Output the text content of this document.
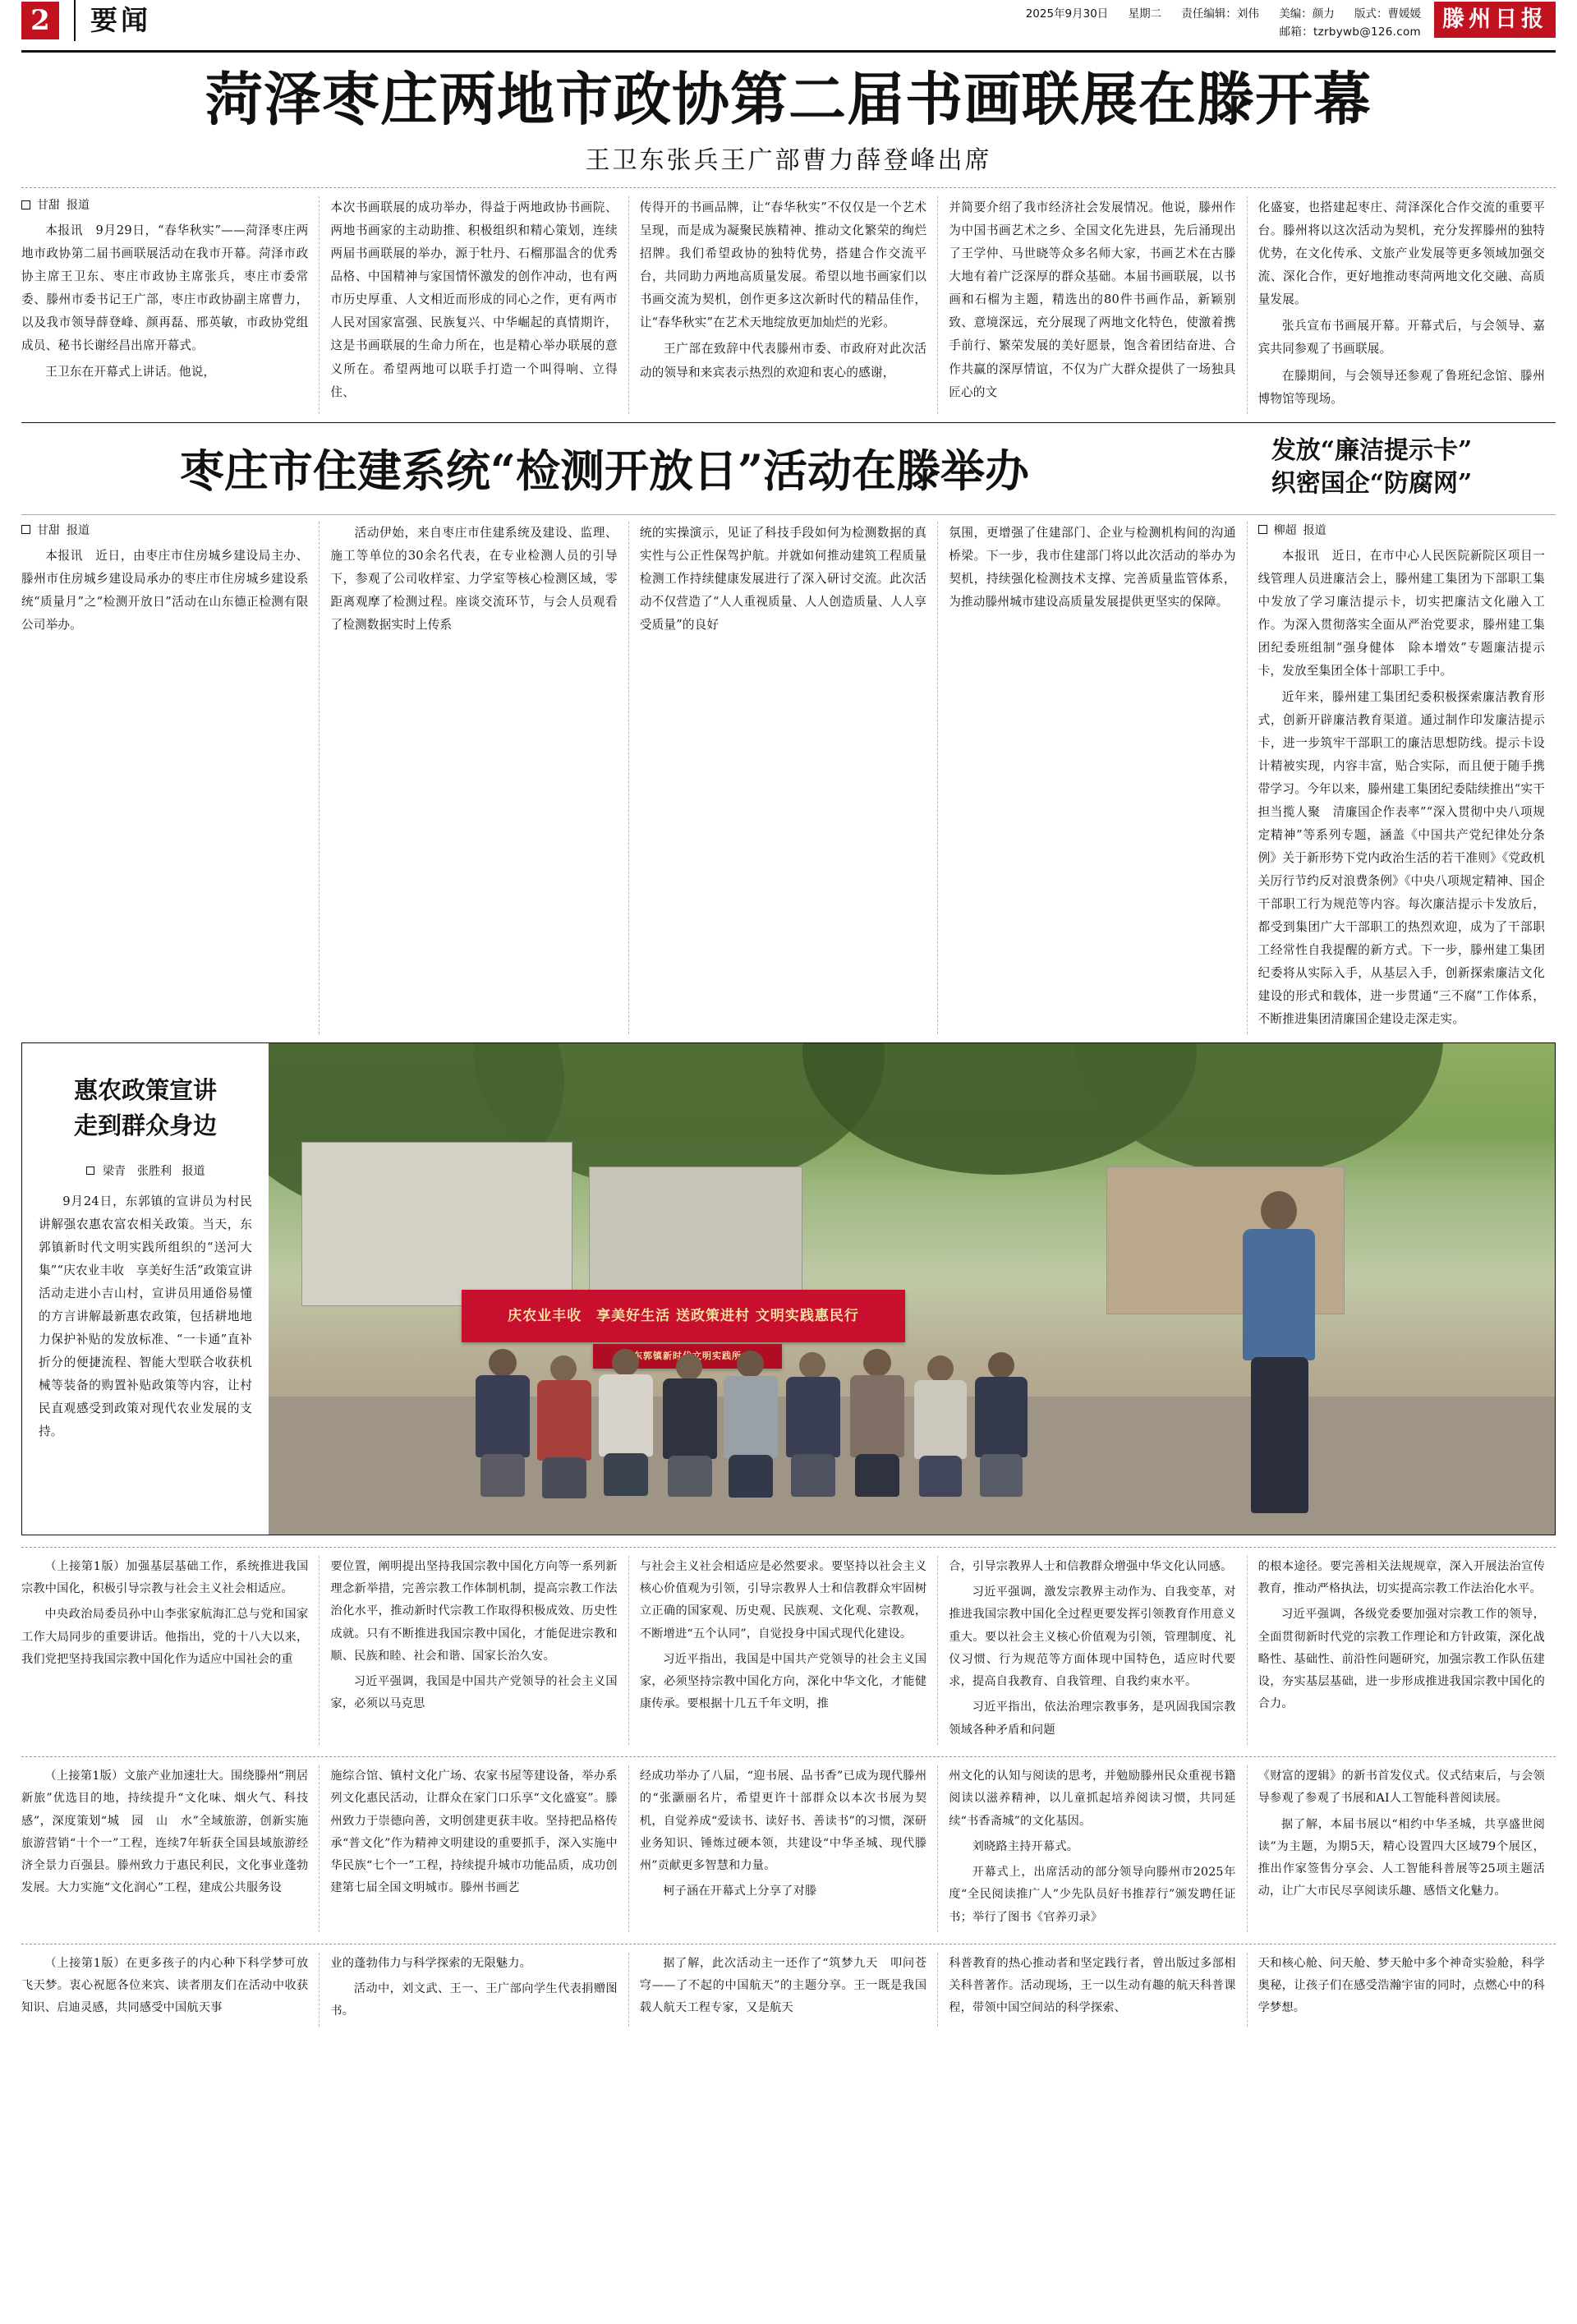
2	要闻	2025年9月30日 星期二 责任编辑：刘伟 美编：颜力 版式：曹媛媛
邮箱：tzrbywb@126.com 滕州日报
菏泽枣庄两地市政协第二届书画联展在滕开幕
王卫东张兵王广部曹力薛登峰出席
甘甜 报道

本报讯　9月29日，“春华秋实”——菏泽枣庄两地市政协第二届书画联展活动在我市开幕。菏泽市政协主席王卫东、枣庄市政协主席张兵，枣庄市委常委、滕州市委书记王广部，枣庄市政协副主席曹力，以及我市领导薛登峰、颜再磊、邢英敏，市政协党组成员、秘书长谢经昌出席开幕式。

王卫东在开幕式上讲话。他说，

本次书画联展的成功举办，得益于两地政协书画院、两地书画家的主动助推、积极组织和精心策划，连续两届书画联展的举办，源于牡丹、石榴那温含的优秀品格、中国精神与家国情怀激发的创作冲动，也有两市历史厚重、人文相近而形成的同心之作，更有两市人民对国家富强、民族复兴、中华崛起的真情期许，这是书画联展的生命力所在，也是精心举办联展的意义所在。希望两地可以联手打造一个叫得响、立得住、

传得开的书画品牌，让“春华秋实”不仅仅是一个艺术呈现，而是成为凝聚民族精神、推动文化繁荣的绚烂招牌。我们希望政协的独特优势，搭建合作交流平台，共同助力两地高质量发展。希望以地书画家们以书画交流为契机，创作更多这次新时代的精品佳作，让“春华秋实”在艺术天地绽放更加灿烂的光彩。

王广部在致辞中代表滕州市委、市政府对此次活动的领导和来宾表示热烈的欢迎和衷心的感谢，

并简要介绍了我市经济社会发展情况。他说，滕州作为中国书画艺术之乡、全国文化先进县，先后涌现出了王学仲、马世晓等众多名师大家，书画艺术在古滕大地有着广泛深厚的群众基础。本届书画联展，以书画和石榴为主题，精选出的80件书画作品，新颖别致、意境深远，充分展现了两地文化特色，使激着携手前行、繁荣发展的美好愿景，饱含着团结奋进、合作共赢的深厚情谊，不仅为广大群众提供了一场独具匠心的文

化盛宴，也搭建起枣庄、菏泽深化合作交流的重要平台。滕州将以这次活动为契机，充分发挥滕州的独特优势，在文化传承、文旅产业发展等更多领域加强交流、深化合作，更好地推动枣菏两地文化交融、高质量发展。

张兵宣布书画展开幕。开幕式后，与会领导、嘉宾共同参观了书画联展。

在滕期间，与会领导还参观了鲁班纪念馆、滕州博物馆等现场。

枣庄市住建系统“检测开放日”活动在滕举办	发放“廉洁提示卡”
织密国企“防腐网”
甘甜 报道

本报讯　近日，由枣庄市住房城乡建设局主办、滕州市住房城乡建设局承办的枣庄市住房城乡建设系统“质量月”之“检测开放日”活动在山东德正检测有限公司举办。

活动伊始，来自枣庄市住建系统及建设、监理、施工等单位的30余名代表，在专业检测人员的引导下，参观了公司收样室、力学室等核心检测区域，零距离观摩了检测过程。座谈交流环节，与会人员观看了检测数据实时上传系

统的实操演示，见证了科技手段如何为检测数据的真实性与公正性保驾护航。并就如何推动建筑工程质量检测工作持续健康发展进行了深入研讨交流。此次活动不仅营造了“人人重视质量、人人创造质量、人人享受质量”的良好

氛围，更增强了住建部门、企业与检测机构间的沟通桥梁。下一步，我市住建部门将以此次活动的举办为契机，持续强化检测技术支撑、完善质量监管体系，为推动滕州城市建设高质量发展提供更坚实的保障。

柳超 报道

本报讯　近日，在市中心人民医院新院区项目一线管理人员进廉洁会上，滕州建工集团为下部职工集中发放了学习廉洁提示卡，切实把廉洁文化融入工作。为深入贯彻落实全面从严治党要求，滕州建工集团纪委班组制“强身健体　除本增效”专题廉洁提示卡，发放至集团全体十部职工手中。

近年来，滕州建工集团纪委积极探索廉洁教育形式，创新开辟廉洁教育渠道。通过制作印发廉洁提示卡，进一步筑牢干部职工的廉洁思想防线。提示卡设计精被实现，内容丰富，贴合实际，而且便于随手携带学习。今年以来，滕州建工集团纪委陆续推出“实干担当揽人聚　清廉国企作表率”“深入贯彻中央八项规定精神”等系列专题，涵盖《中国共产党纪律处分条例》关于新形势下党内政治生活的若干准则》《党政机关厉行节约反对浪费条例》《中央八项规定精神、国企干部职工行为规范等内容。每次廉洁提示卡发放后，都受到集团广大干部职工的热烈欢迎，成为了干部职工经常性自我提醒的新方式。下一步，滕州建工集团纪委将从实际入手，从基层入手，创新探索廉洁文化建设的形式和载体，进一步贯通“三不腐”工作体系，不断推进集团清廉国企建设走深走实。

惠农政策宣讲
走到群众身边
梁青　张胜利 报道

9月24日，东郭镇的宣讲员为村民讲解强农惠农富农相关政策。当天，东郭镇新时代文明实践所组织的“送河大集”“庆农业丰收　享美好生活”政策宣讲活动走进小吉山村，宣讲员用通俗易懂的方言讲解最新惠农政策，包括耕地地力保护补贴的发放标准、“一卡通”直补折分的便捷流程、智能大型联合收获机械等装备的购置补贴政策等内容，让村民直观感受到政策对现代农业发展的支持。

庆农业丰收　享美好生活 送政策进村 文明实践惠民行

（上接第1版）加强基层基础工作，系统推进我国宗教中国化，积极引导宗教与社会主义社会相适应。

中央政治局委员孙中山李张家航海汇总与党和国家工作大局同步的重要讲话。他指出，党的十八大以来，我们党把坚持我国宗教中国化作为适应中国社会的重

要位置，阐明提出坚持我国宗教中国化方向等一系列新理念新举措，完善宗教工作体制机制，提高宗教工作法治化水平，推动新时代宗教工作取得积极成效、历史性成就。只有不断推进我国宗教中国化，才能促进宗教和顺、民族和睦、社会和谐、国家长治久安。

习近平强调，我国是中国共产党领导的社会主义国家，必须以马克思

与社会主义社会相适应是必然要求。要坚持以社会主义核心价值观为引领，引导宗教界人士和信教群众牢固树立正确的国家观、历史观、民族观、文化观、宗教观，不断增进“五个认同”，自觉投身中国式现代化建设。

习近平指出，我国是中国共产党领导的社会主义国家，必须坚持宗教中国化方向，深化中华文化，才能健康传承。要根据十几五千年文明，推

合，引导宗教界人士和信教群众增强中华文化认同感。

习近平强调，激发宗教界主动作为、自我变革，对推进我国宗教中国化全过程更要发挥引领教育作用意义重大。要以社会主义核心价值观为引领，管理制度、礼仪习惯、行为规范等方面体现中国特色，适应时代要求，提高自我教育、自我管理、自我约束水平。

习近平指出，依法治理宗教事务，是巩固我国宗教领域各种矛盾和问题

的根本途径。要完善相关法规规章，深入开展法治宣传教育，推动严格执法，切实提高宗教工作法治化水平。

习近平强调，各级党委要加强对宗教工作的领导，全面贯彻新时代党的宗教工作理论和方针政策，深化战略性、基础性、前沿性问题研究，加强宗教工作队伍建设，夯实基层基础，进一步形成推进我国宗教中国化的合力。

（上接第1版）文旅产业加速壮大。围绕滕州“荆居新旅”优选目的地，持续提升“文化味、烟火气、科技感”，深度策划“城　园　山　水”全域旅游，创新实施旅游营销“十个一”工程，连续7年斩获全国县域旅游经济全景力百强县。滕州致力于惠民利民，文化事业蓬勃发展。大力实施“文化润心”工程，建成公共服务设

施综合馆、镇村文化广场、农家书屋等建设备，举办系列文化惠民活动，让群众在家门口乐享“文化盛宴”。滕州致力于崇德向善，文明创建更获丰收。坚持把品格传承“普文化”作为精神文明建设的重要抓手，深入实施中华民族“七个一”工程，持续提升城市功能品质，成功创建第七届全国文明城市。滕州书画艺

经成功举办了八届，“迎书展、品书香”已成为现代滕州的“张灏丽名片，希望更许十部群众以本次书展为契机，自觉养成“爱读书、读好书、善读书”的习惯，深研业务知识、锤炼过硬本领，共建设“中华圣城、现代滕州”贡献更多智慧和力量。

柯子涵在开幕式上分享了对滕

州文化的认知与阅读的思考，并勉励滕州民众重视书籍阅读以滋养精神，以儿童抓起培养阅读习惯，共同延续“书香斋城”的文化基因。

刘晓路主持开幕式。

开幕式上，出席活动的部分领导向滕州市2025年度“全民阅读推广人”少先队员好书推荐行”颁发聘任证书；举行了图书《官养刃录》

《财富的逻辑》的新书首发仪式。仪式结束后，与会领导参观了参观了书展和AI人工智能科普阅读展。

据了解，本届书展以“相约中华圣城，共享盛世阅读”为主题，为期5天，精心设置四大区域79个展区，推出作家签售分享会、人工智能科普展等25项主题活动，让广大市民尽享阅读乐趣、感悟文化魅力。

（上接第1版）在更多孩子的内心种下科学梦可放飞天梦。衷心祝愿各位来宾、读者朋友们在活动中收获知识、启迪灵感，共同感受中国航天事

业的蓬勃伟力与科学探索的无限魅力。

活动中，刘文武、王一、王广部向学生代表捐赠图书。

据了解，此次活动主一还作了“筑梦九天　叩问苍穹——了不起的中国航天”的主题分享。王一既是我国载人航天工程专家，又是航天

科普教育的热心推动者和坚定践行者，曾出版过多部相关科普著作。活动现场，王一以生动有趣的航天科普课程，带领中国空间站的科学探索、

天和核心舱、问天舱、梦天舱中多个神奇实验舱，科学奥秘，让孩子们在感受浩瀚宇宙的同时，点燃心中的科学梦想。
